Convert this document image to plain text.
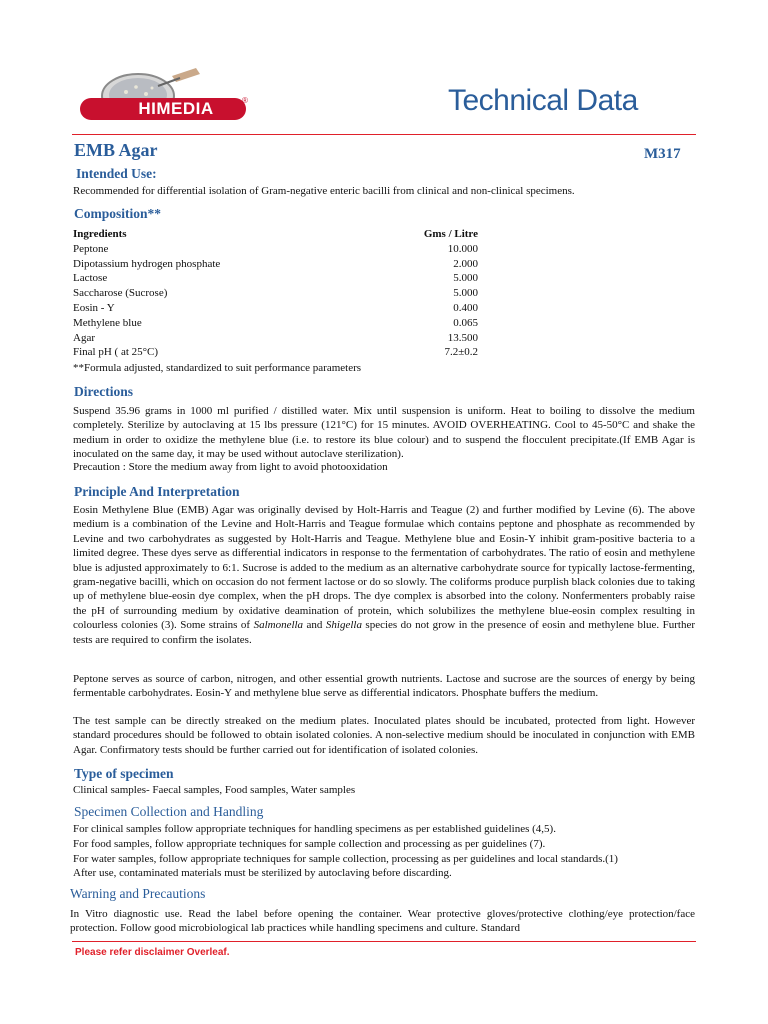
HIMEDIA	®	Technical Data
EMB Agar	M317
Intended Use:
Recommended for differential isolation of Gram-negative enteric bacilli from clinical and non-clinical specimens.
Composition**
Ingredients	Gms / Litre
Peptone	10.000
Dipotassium hydrogen phosphate	2.000
Lactose	5.000
Saccharose (Sucrose)	5.000
Eosin - Y	0.400
Methylene blue	0.065
Agar	13.500
Final pH ( at 25°C)	7.2±0.2
**Formula adjusted, standardized to suit performance parameters
Directions
Suspend 35.96 grams in 1000 ml purified / distilled water. Mix until suspension is uniform. Heat to boiling to dissolve the medium completely. Sterilize by autoclaving at 15 lbs pressure (121°C) for 15 minutes. AVOID OVERHEATING. Cool to 45-50°C and shake the medium in order to oxidize the methylene blue (i.e. to restore its blue colour) and to suspend the flocculent precipitate.(If EMB Agar is inoculated on the same day, it may be used without autoclave sterilization).
Precaution : Store the medium away from light to avoid photooxidation
Principle And Interpretation
Eosin Methylene Blue (EMB) Agar was originally devised by Holt-Harris and Teague (2) and further modified by Levine (6). The above medium is a combination of the Levine and Holt-Harris and Teague formulae which contains peptone and phosphate as recommended by Levine and two carbohydrates as suggested by Holt-Harris and Teague. Methylene blue and Eosin-Y inhibit gram-positive bacteria to a limited degree. These dyes serve as differential indicators in response to the fermentation of carbohydrates. The ratio of eosin and methylene blue is adjusted approximately to 6:1. Sucrose is added to the medium as an alternative carbohydrate source for typically lactose-fermenting, gram-negative bacilli, which on occasion do not ferment lactose or do so slowly. The coliforms produce purplish black colonies due to taking up of methylene blue-eosin dye complex, when the pH drops. The dye complex is absorbed into the colony. Nonfermenters probably raise the pH of surrounding medium by oxidative deamination of protein, which solubilizes the methylene blue-eosin complex resulting in colourless colonies (3). Some strains of Salmonella and Shigella species do not grow in the presence of eosin and methylene blue. Further tests are required to confirm the isolates.
Peptone serves as source of carbon, nitrogen, and other essential growth nutrients. Lactose and sucrose are the sources of energy by being fermentable carbohydrates. Eosin-Y and methylene blue serve as differential indicators. Phosphate buffers the medium.
The test sample can be directly streaked on the medium plates. Inoculated plates should be incubated, protected from light. However standard procedures should be followed to obtain isolated colonies. A non-selective medium should be inoculated in conjunction with EMB Agar. Confirmatory tests should be further carried out for identification of isolated colonies.
Type of specimen
Clinical samples- Faecal samples, Food samples, Water samples
Specimen Collection and Handling
For clinical samples follow appropriate techniques for handling specimens as per established guidelines (4,5).
For food samples, follow appropriate techniques for sample collection and processing as per guidelines (7).
For water samples, follow appropriate techniques for sample collection, processing as per guidelines and local standards.(1)
After use, contaminated materials must be sterilized by autoclaving before discarding.
Warning and Precautions
In Vitro diagnostic use. Read the label before opening the container. Wear protective gloves/protective clothing/eye protection/face protection. Follow good microbiological lab practices while handling specimens and culture. Standard
Please refer disclaimer Overleaf.
